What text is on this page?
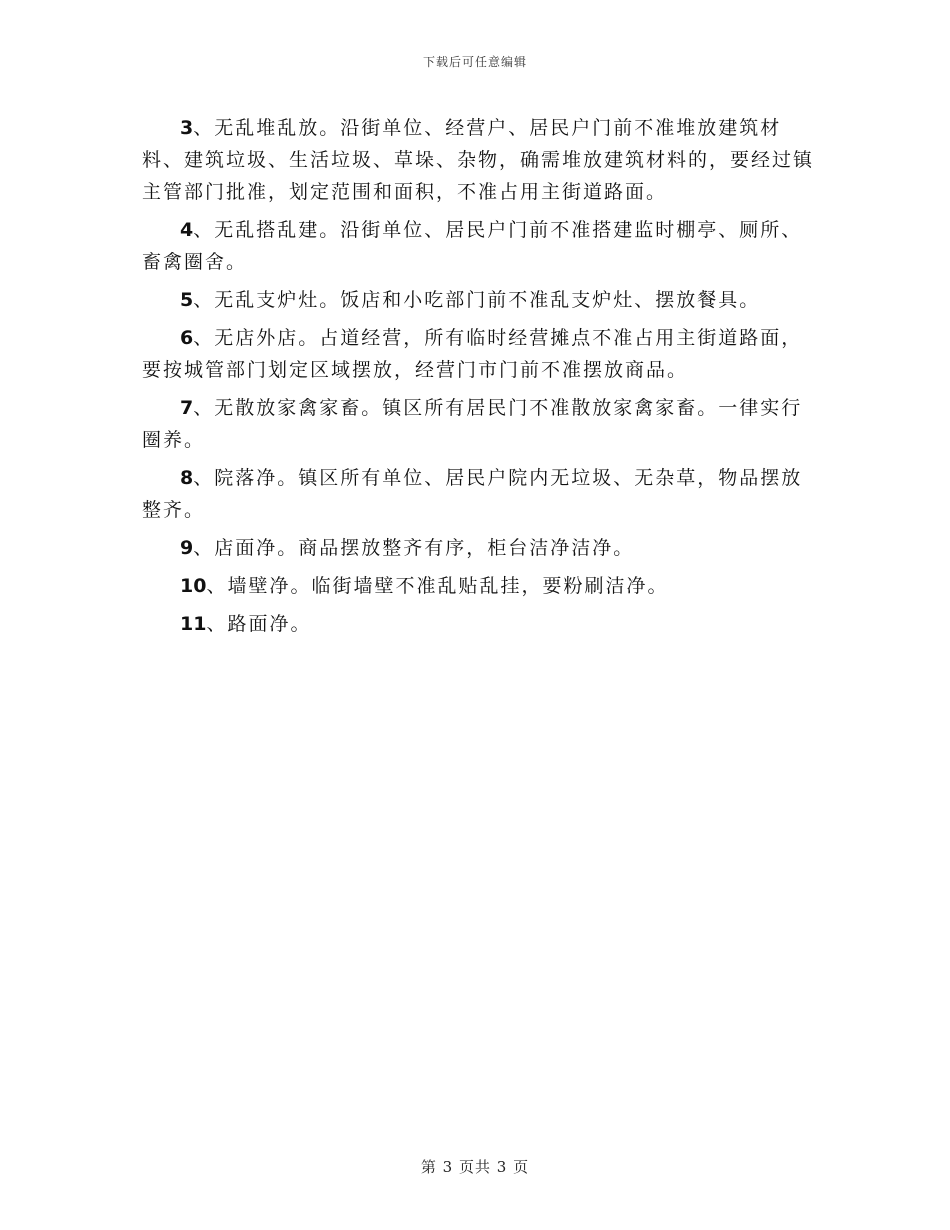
下载后可任意编辑

3、无乱堆乱放。沿街单位、经营户、居民户门前不准堆放建筑材料、建筑垃圾、生活垃圾、草垛、杂物，确需堆放建筑材料的，要经过镇主管部门批准，划定范围和面积，不准占用主街道路面。

4、无乱搭乱建。沿街单位、居民户门前不准搭建监时棚亭、厕所、畜禽圈舍。

5、无乱支炉灶。饭店和小吃部门前不准乱支炉灶、摆放餐具。

6、无店外店。占道经营，所有临时经营摊点不准占用主街道路面，要按城管部门划定区域摆放，经营门市门前不准摆放商品。

7、无散放家禽家畜。镇区所有居民门不准散放家禽家畜。一律实行圈养。

8、院落净。镇区所有单位、居民户院内无垃圾、无杂草，物品摆放整齐。

9、店面净。商品摆放整齐有序，柜台洁净洁净。

10、墙壁净。临街墙壁不准乱贴乱挂，要粉刷洁净。

11、路面净。

第 3 页共 3 页
